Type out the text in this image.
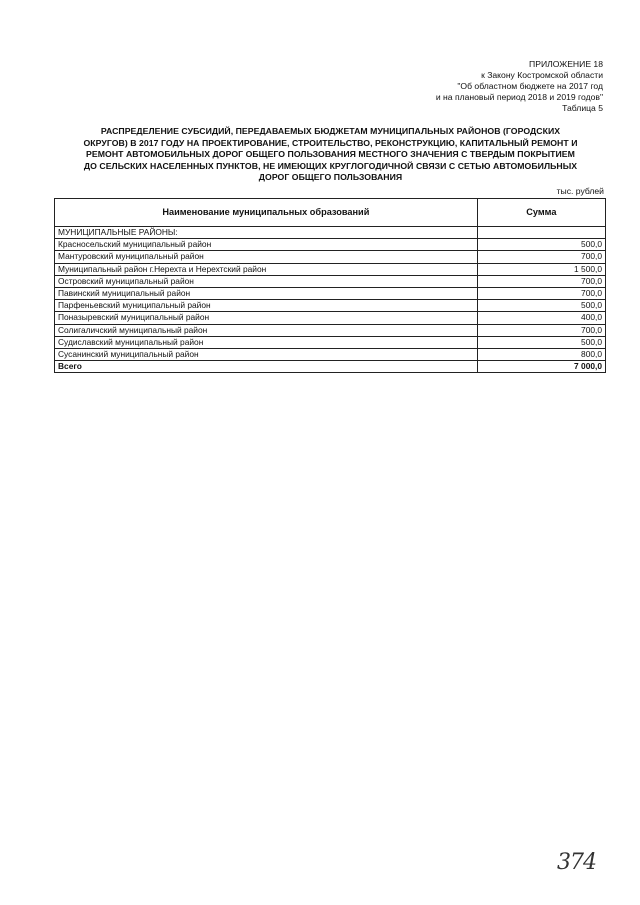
ПРИЛОЖЕНИЕ 18
к Закону Костромской области
"Об областном бюджете на 2017 год
и на плановый период 2018 и 2019 годов"
Таблица 5
РАСПРЕДЕЛЕНИЕ СУБСИДИЙ, ПЕРЕДАВАЕМЫХ БЮДЖЕТАМ МУНИЦИПАЛЬНЫХ РАЙОНОВ (ГОРОДСКИХ
ОКРУГОВ) В 2017 ГОДУ НА ПРОЕКТИРОВАНИЕ, СТРОИТЕЛЬСТВО, РЕКОНСТРУКЦИЮ, КАПИТАЛЬНЫЙ РЕМОНТ И
РЕМОНТ АВТОМОБИЛЬНЫХ ДОРОГ ОБЩЕГО ПОЛЬЗОВАНИЯ МЕСТНОГО ЗНАЧЕНИЯ С ТВЕРДЫМ ПОКРЫТИЕМ
ДО СЕЛЬСКИХ НАСЕЛЕННЫХ ПУНКТОВ, НЕ ИМЕЮЩИХ КРУГЛОГОДИЧНОЙ СВЯЗИ С СЕТЬЮ АВТОМОБИЛЬНЫХ
ДОРОГ ОБЩЕГО ПОЛЬЗОВАНИЯ
тыс. рублей
Наименование муниципальных образований	Сумма
МУНИЦИПАЛЬНЫЕ РАЙОНЫ:	
Красносельский муниципальный район	500,0
Мантуровский муниципальный район	700,0
Муниципальный район г.Нерехта и Нерехтский район	1 500,0
Островский муниципальный район	700,0
Павинский муниципальный район	700,0
Парфеньевский муниципальный район	500,0
Поназыревский муниципальный район	400,0
Солигаличский муниципальный район	700,0
Судиславский муниципальный район	500,0
Сусанинский муниципальный район	800,0
Всего	7 000,0
374
